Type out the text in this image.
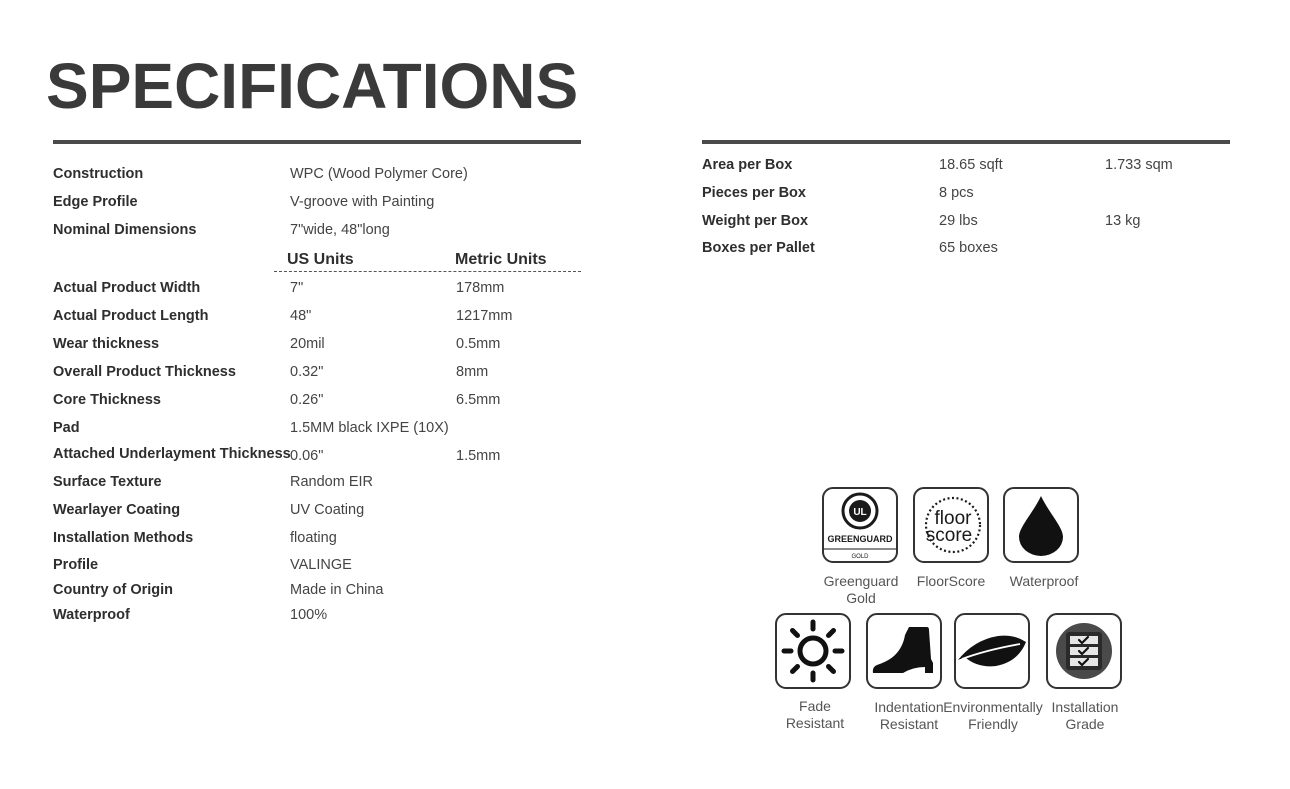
SPECIFICATIONS
Construction	WPC (Wood Polymer Core)
Edge Profile	V-groove with Painting
Nominal Dimensions	7"wide, 48"long
US Units	Metric Units
Actual Product Width	7"	178mm
Actual Product Length	48"	1217mm
Wear thickness	20mil	0.5mm
Overall Product Thickness	0.32"	8mm
Core Thickness	0.26"	6.5mm
Pad	1.5MM black IXPE (10X)
Attached Underlayment Thickness 0.06"	1.5mm
Surface Texture	Random EIR
Wearlayer Coating	UV Coating
Installation Methods	floating
Profile	VALINGE
Country of Origin	Made in China
Waterproof	100%
Area per Box	18.65 sqft	1.733 sqm
Pieces per Box	8 pcs
Weight per Box	29 lbs	13 kg
Boxes per Pallet	65 boxes
UL
GREENGUARD
GOLD
Greenguard
Gold
floor
score
FloorScore	Waterproof
Fade
Resistant
Indentation
Resistant
Environmentally
Friendly
Installation
Grade
